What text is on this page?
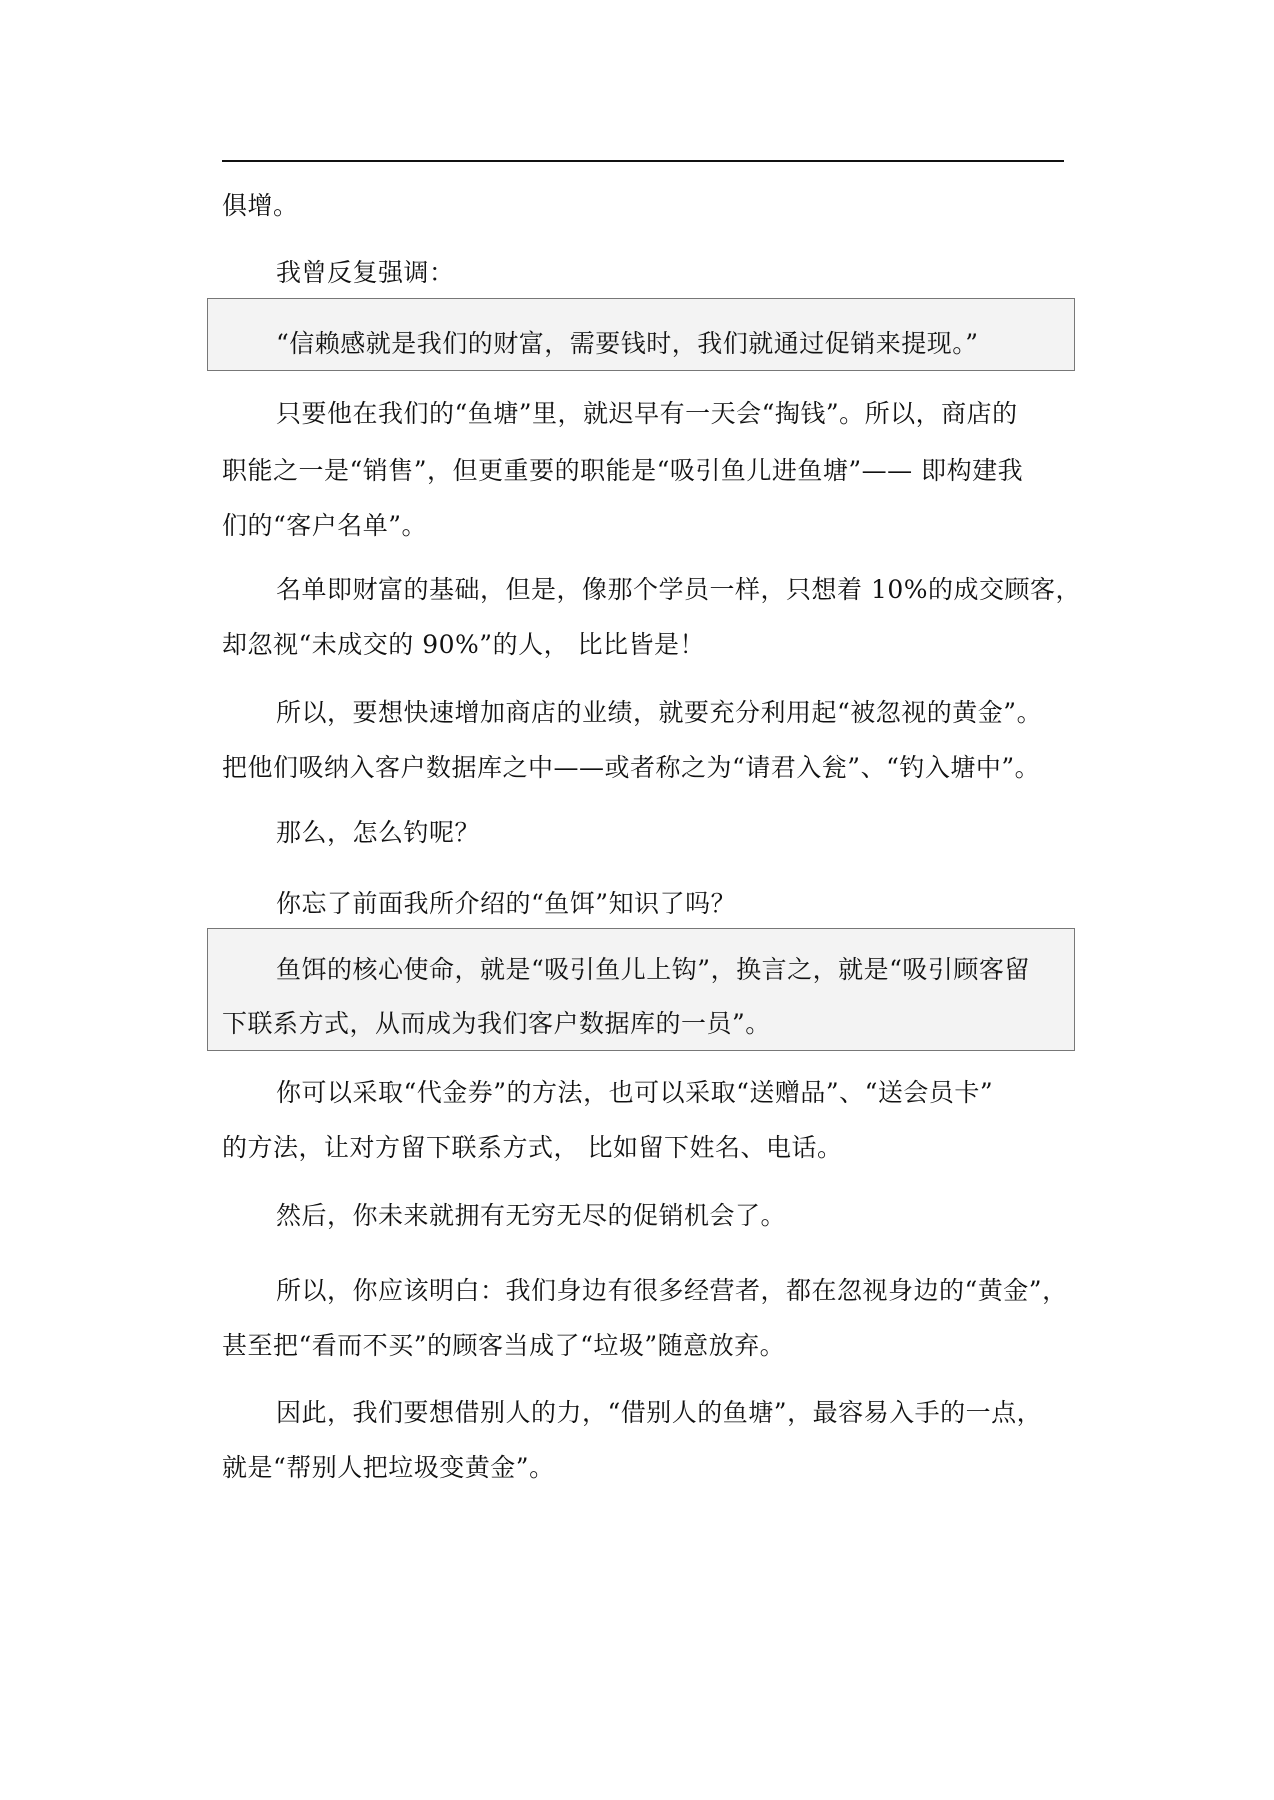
俱增。
我曾反复强调：
“信赖感就是我们的财富，需要钱时，我们就通过促销来提现。”
只要他在我们的“鱼塘”里，就迟早有一天会“掏钱”。所以，商店的
职能之一是“销售”，但更重要的职能是“吸引鱼儿进鱼塘”—— 即构建我
们的“客户名单”。
名单即财富的基础，但是，像那个学员一样，只想着 10%的成交顾客，
却忽视“未成交的 90%”的人， 比比皆是！
所以，要想快速增加商店的业绩，就要充分利用起“被忽视的黄金”。
把他们吸纳入客户数据库之中——或者称之为“请君入瓮”、“钓入塘中”。
那么，怎么钓呢？
你忘了前面我所介绍的“鱼饵”知识了吗？
鱼饵的核心使命，就是“吸引鱼儿上钩”，换言之，就是“吸引顾客留
下联系方式，从而成为我们客户数据库的一员”。
你可以采取“代金券”的方法，也可以采取“送赠品”、“送会员卡”
的方法，让对方留下联系方式， 比如留下姓名、电话。
然后，你未来就拥有无穷无尽的促销机会了。
所以，你应该明白：我们身边有很多经营者，都在忽视身边的“黄金”，
甚至把“看而不买”的顾客当成了“垃圾”随意放弃。
因此，我们要想借别人的力，“借别人的鱼塘”，最容易入手的一点，
就是“帮别人把垃圾变黄金”。
